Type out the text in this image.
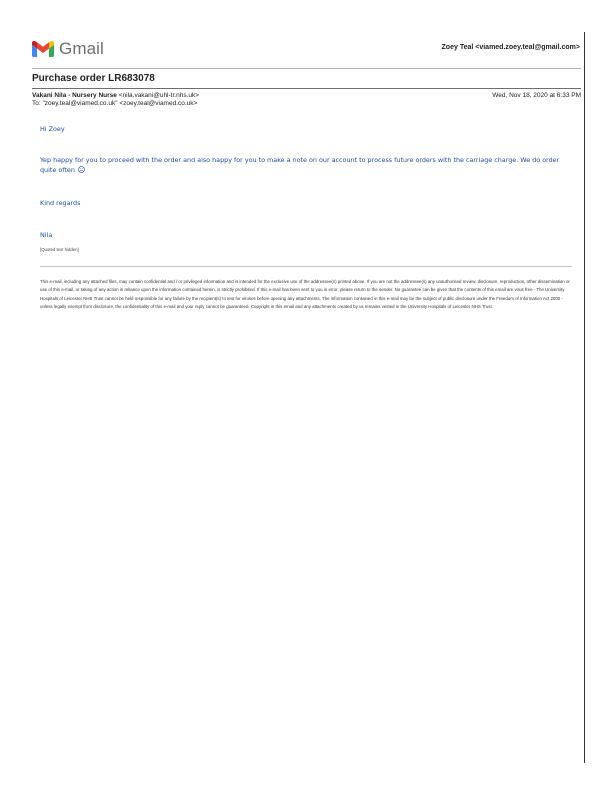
Gmail	Zoey Teal <viamed.zoey.teal@gmail.com>
Purchase order LR683078
Vakani Nila - Nursery Nurse <nila.vakani@uhl-tr.nhs.uk>	Wed, Nov 18, 2020 at 6:33 PM
To: "zoey.teal@viamed.co.uk" <zoey.teal@viamed.co.uk>
Hi Zoey
Yep happy for you to proceed with the order and also happy for you to make a note on our account to process future orders with the carriage charge. We do order quite often
Kind regards
Nila
[Quoted text hidden]
This e-mail, including any attached files, may contain confidential and / or privileged information and is intended for the exclusive use of the addressee(s) printed above. If you are not the addressee(s) any unauthorised review, disclosure, reproduction, other dissemination or use of this e-mail, or taking of any action in reliance upon the information contained herein, is strictly prohibited. If this e-mail has been sent to you in error, please return to the sender. No guarantee can be given that the contents of this email are virus free - The University Hospitals of Leicester NHS Trust cannot be held responsible for any failure by the recipient(s) to test for viruses before opening any attachments. The information contained in this e-mail may be the subject of public disclosure under the Freedom of Information Act 2000 - unless legally exempt from disclosure, the confidentiality of this e-mail and your reply cannot be guaranteed. Copyright in this email and any attachments created by us remains vested in the University Hospitals of Leicester NHS Trust.
